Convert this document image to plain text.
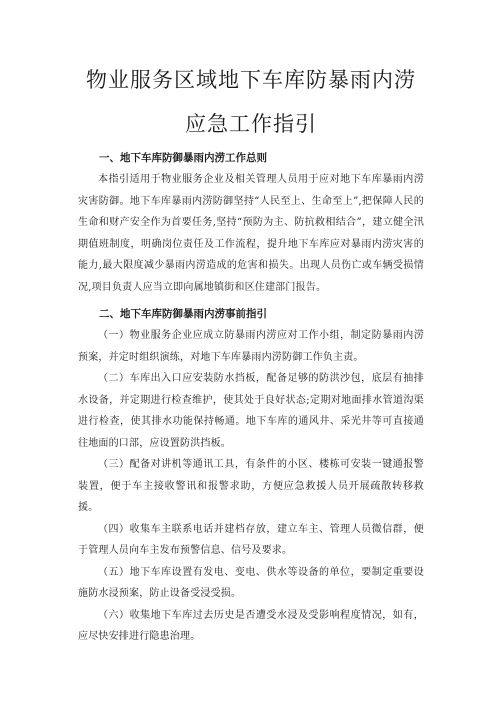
物业服务区域地下车库防暴雨内涝
应急工作指引
一、地下车库防御暴雨内涝工作总则

本指引适用于物业服务企业及相关管理人员用于应对地下车库暴雨内涝灾害防御。地下车库暴雨内涝防御坚持“人民至上、生命至上”,把保障人民的生命和财产安全作为首要任务,坚持“预防为主、防抗救相结合”，建立健全汛期值班制度，明确岗位责任及工作流程，提升地下车库应对暴雨内涝灾害的能力,最大限度减少暴雨内涝造成的危害和损失。出现人员伤亡或车辆受损情况,项目负责人应当立即向属地镇街和区住建部门报告。

二、地下车库防御暴雨内涝事前指引

（一）物业服务企业应成立防暴雨内涝应对工作小组，制定防暴雨内涝预案，并定时组织演练，对地下车库暴雨内涝防御工作负主责。

（二）车库出入口应安装防水挡板，配备足够的防洪沙包，底层有抽排水设备，并定期进行检查维护，使其处于良好状态;定期对地面排水管道沟渠进行检查，使其排水功能保持畅通。地下车库的通风井、采光井等可直接通往地面的口部，应设置防洪挡板。

（三）配备对讲机等通讯工具，有条件的小区、楼栋可安装一键通报警装置，便于车主接收警讯和报警求助，方便应急救援人员开展疏散转移救援。

（四）收集车主联系电话并建档存放，建立车主、管理人员微信群，便于管理人员向车主发布预警信息、信号及要求。

（五）地下车库设置有发电、变电、供水等设备的单位，要制定重要设施防水浸预案，防止设备受浸受损。

（六）收集地下车库过去历史是否遭受水浸及受影响程度情况，如有，应尽快安排进行隐患治理。
